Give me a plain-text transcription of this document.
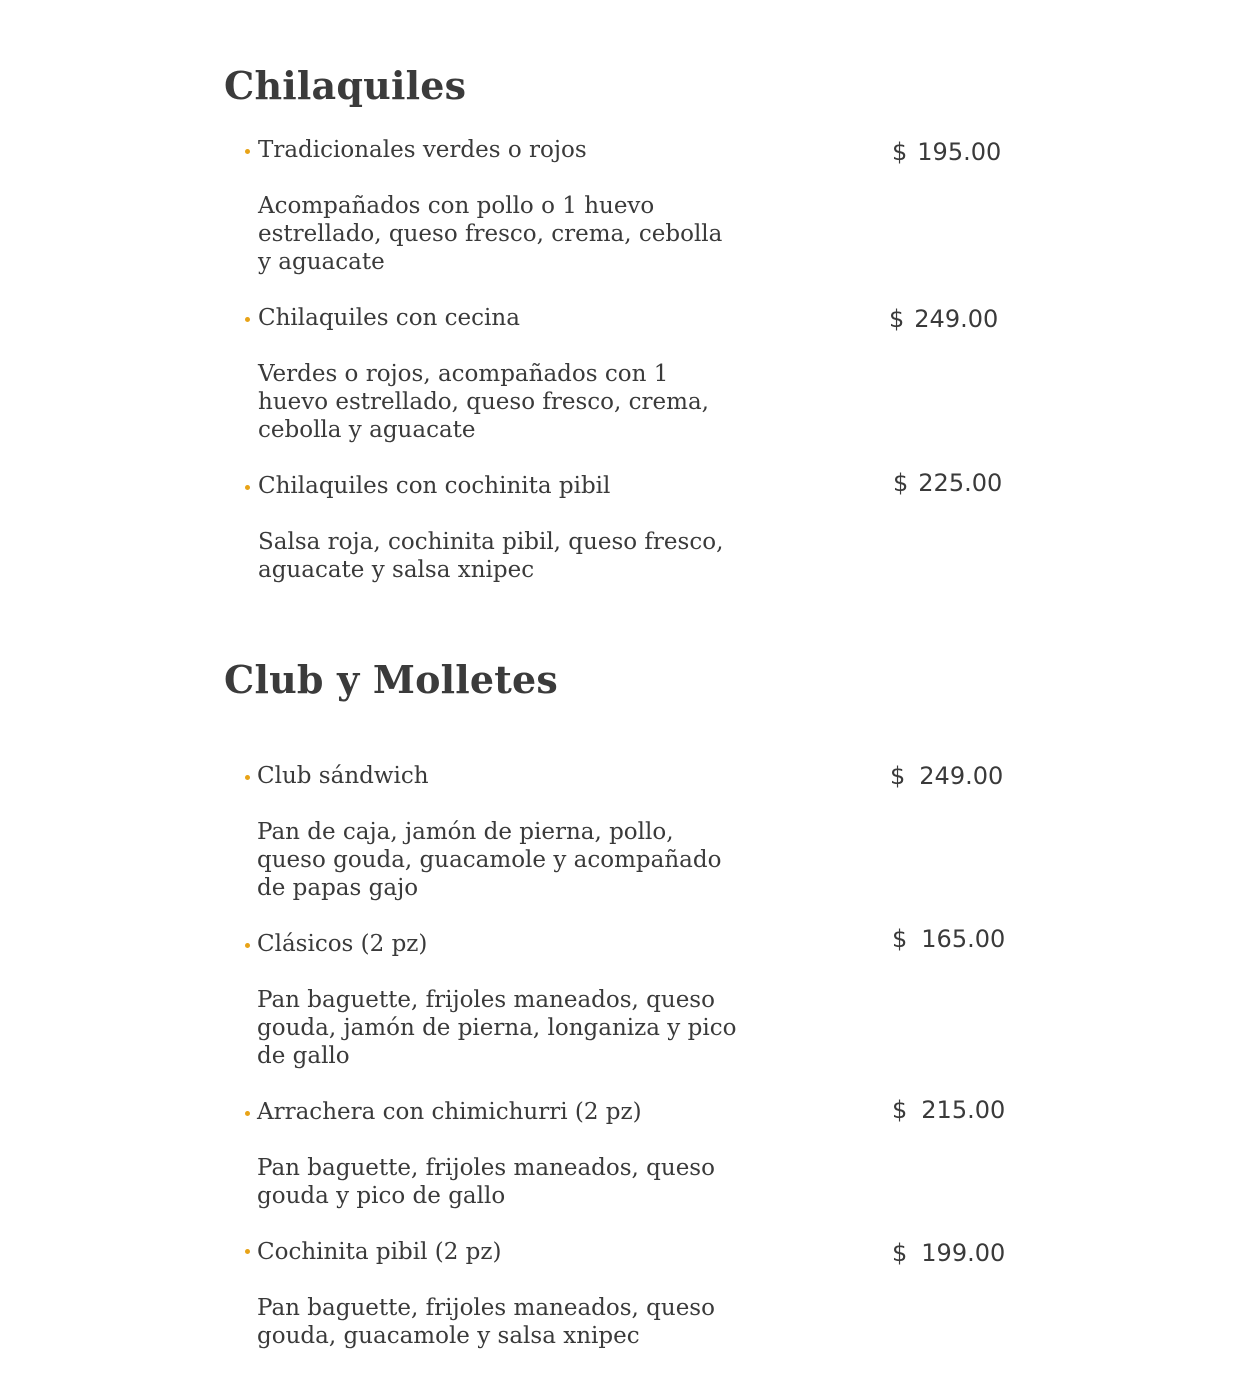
Chilaquiles
Tradicionales verdes o rojos	$ 195.00
Acompañados con pollo o 1 huevo
estrellado, queso fresco, crema, cebolla
y aguacate
Chilaquiles con cecina	$ 249.00
Verdes o rojos, acompañados con 1
huevo estrellado, queso fresco, crema,
cebolla y aguacate
Chilaquiles con cochinita pibil	$ 225.00
Salsa roja, cochinita pibil, queso fresco,
aguacate y salsa xnipec
Club y Molletes
Club sándwich	$ 249.00
Pan de caja, jamón de pierna, pollo,
queso gouda, guacamole y acompañado
de papas gajo
Clásicos (2 pz)	$ 165.00
Pan baguette, frijoles maneados, queso
gouda, jamón de pierna, longaniza y pico
de gallo
Arrachera con chimichurri (2 pz)	$ 215.00
Pan baguette, frijoles maneados, queso
gouda y pico de gallo
Cochinita pibil (2 pz)	$ 199.00
Pan baguette, frijoles maneados, queso
gouda, guacamole y salsa xnipec
